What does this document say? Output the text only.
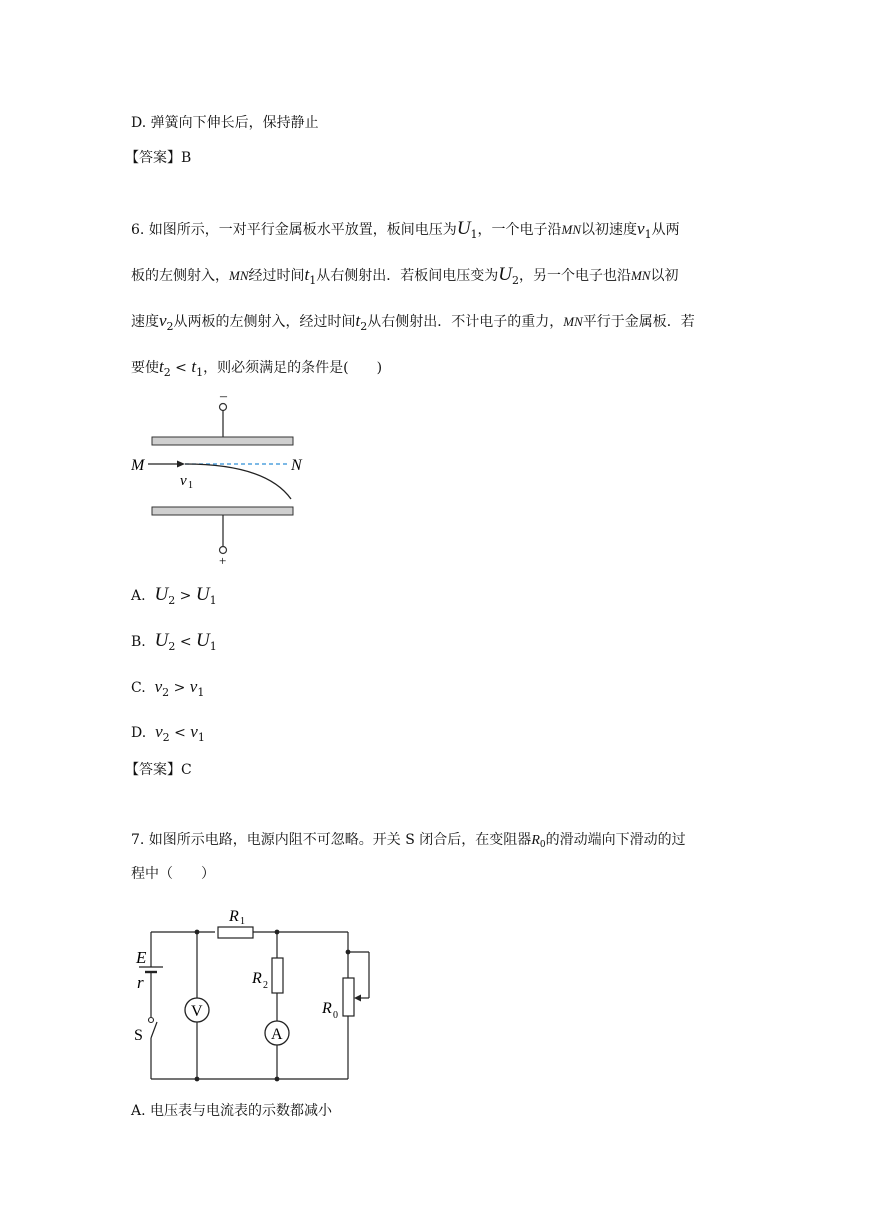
D. 弹簧向下伸长后，保持静止
【答案】B
6. 如图所示，一对平行金属板水平放置，板间电压为$U_1$，一个电子沿MN以初速度$v_1$从两
板的左侧射入，MN经过时间$t_1$从右侧射出．若板间电压变为$U_2$，另一个电子也沿MN以初
速度$v_2$从两板的左侧射入，经过时间$t_2$从右侧射出．不计电子的重力，MN平行于金属板．若
要使$t_2 < t_1$，则必须满足的条件是(　　)
–
M	N
v 1
+
A. $U_2 > U_1$
B. $U_2 < U_1$
C. $v_2 > v_1$
D. $v_2 < v_1$
【答案】C
7. 如图所示电路，电源内阻不可忽略。开关 S 闭合后，在变阻器$R_0$的滑动端向下滑动的过
程中（　　）
R 1
E
r
S
V
R 2
A
R 0
A. 电压表与电流表的示数都减小
